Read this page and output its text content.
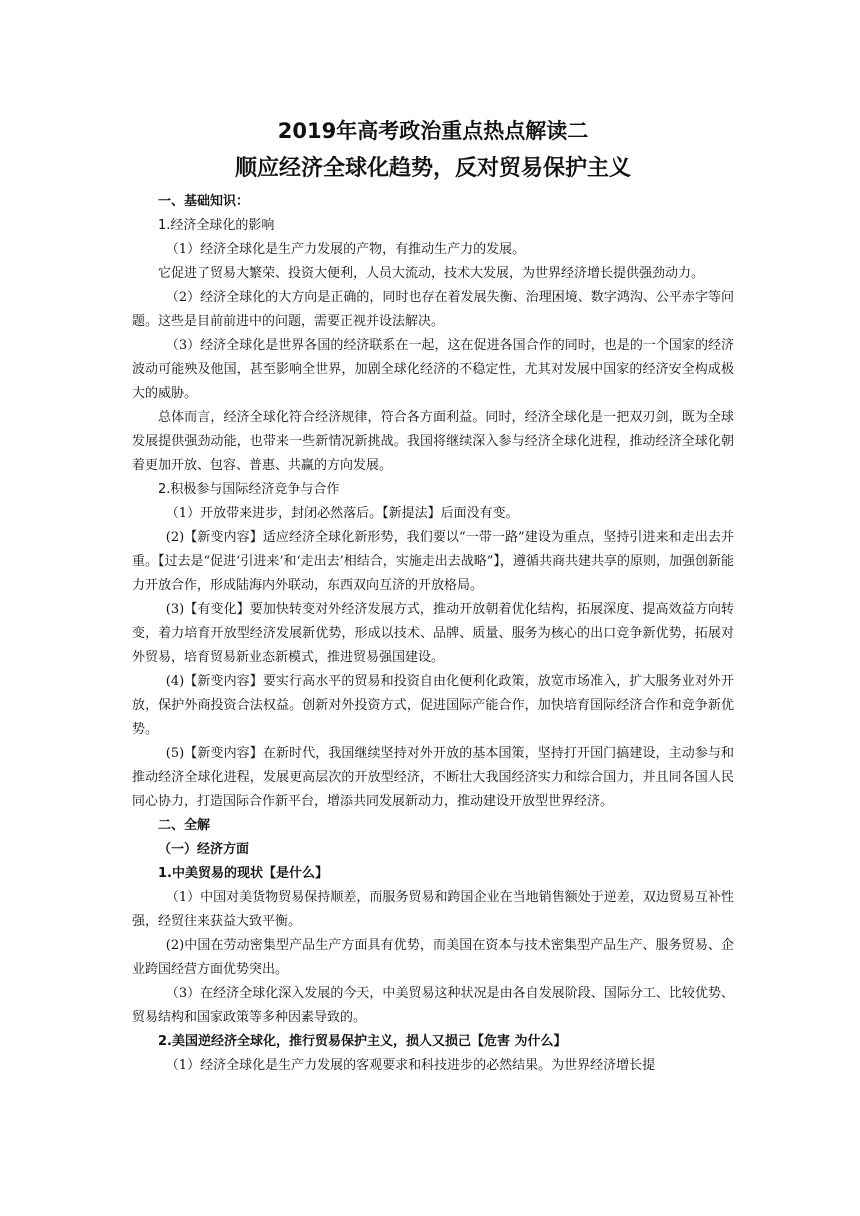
2019年高考政治重点热点解读二
顺应经济全球化趋势，反对贸易保护主义

一、基础知识：

1.经济全球化的影响

（1）经济全球化是生产力发展的产物，有推动生产力的发展。

它促进了贸易大繁荣、投资大便利，人员大流动，技术大发展，为世界经济增长提供强劲动力。

（2）经济全球化的大方向是正确的，同时也存在着发展失衡、治理困境、数字鸿沟、公平赤字等问题。这些是目前前进中的问题，需要正视并设法解决。

（3）经济全球化是世界各国的经济联系在一起，这在促进各国合作的同时，也是的一个国家的经济波动可能殃及他国，甚至影响全世界，加剧全球化经济的不稳定性，尤其对发展中国家的经济安全构成极大的威胁。

总体而言，经济全球化符合经济规律，符合各方面利益。同时，经济全球化是一把双刃剑，既为全球发展提供强劲动能，也带来一些新情况新挑战。我国将继续深入参与经济全球化进程，推动经济全球化朝着更加开放、包容、普惠、共赢的方向发展。

2.积极参与国际经济竞争与合作

（1）开放带来进步，封闭必然落后。【新提法】后面没有变。

(2)【新变内容】适应经济全球化新形势，我们要以“一带一路”建设为重点，坚持引进来和走出去并重。【过去是“促进‘引进来’和‘走出去’相结合，实施走出去战略”】，遵循共商共建共享的原则，加强创新能力开放合作，形成陆海内外联动，东西双向互济的开放格局。

(3)【有变化】要加快转变对外经济发展方式，推动开放朝着优化结构，拓展深度、提高效益方向转变，着力培育开放型经济发展新优势，形成以技术、品牌、质量、服务为核心的出口竞争新优势，拓展对外贸易，培育贸易新业态新模式，推进贸易强国建设。

(4)【新变内容】要实行高水平的贸易和投资自由化便利化政策，放宽市场准入，扩大服务业对外开放，保护外商投资合法权益。创新对外投资方式，促进国际产能合作，加快培育国际经济合作和竞争新优势。

(5)【新变内容】在新时代，我国继续坚持对外开放的基本国策，坚持打开国门搞建设，主动参与和推动经济全球化进程，发展更高层次的开放型经济，不断壮大我国经济实力和综合国力，并且同各国人民同心协力，打造国际合作新平台，增添共同发展新动力，推动建设开放型世界经济。

二、全解

（一）经济方面

1.中美贸易的现状【是什么】

（1）中国对美货物贸易保持顺差，而服务贸易和跨国企业在当地销售额处于逆差，双边贸易互补性强，经贸往来获益大致平衡。

(2)中国在劳动密集型产品生产方面具有优势，而美国在资本与技术密集型产品生产、服务贸易、企业跨国经营方面优势突出。

（3）在经济全球化深入发展的今天，中美贸易这种状况是由各自发展阶段、国际分工、比较优势、贸易结构和国家政策等多种因素导致的。

2.美国逆经济全球化，推行贸易保护主义，损人又损己【危害 为什么】

（1）经济全球化是生产力发展的客观要求和科技进步的必然结果。为世界经济增长提
